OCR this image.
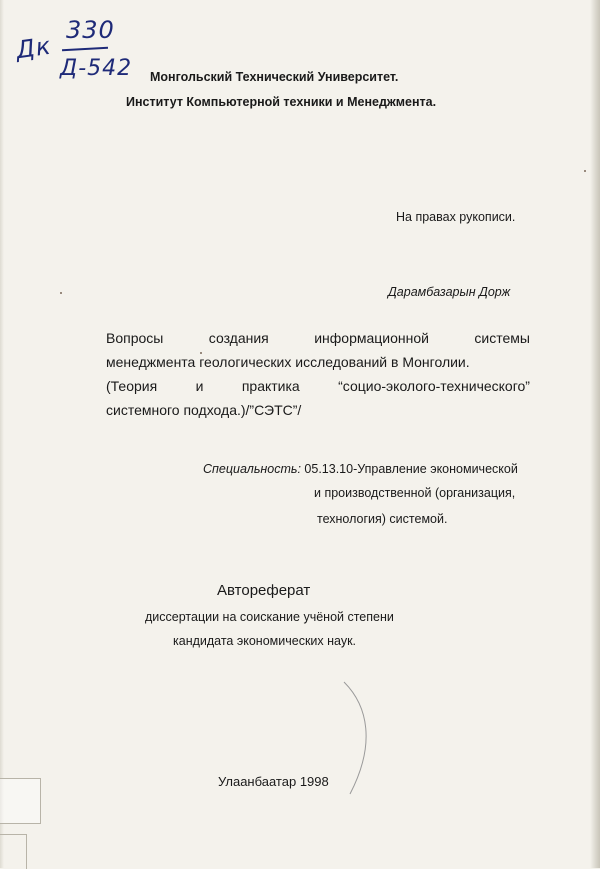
Дк
330
Д-542 Монгольский Технический Университет.
Институт Компьютерной техники и Менеджмента.
На правах рукописи.
Дарамбазарын Дорж
Вопросы	создания	информационной	системы
менеджмента геологических исследований в Монголии.
(Теория	и	практика	“социо-эколого-технического”
системного подхода.)/”СЭТС”/
Специальность: 05.13.10-Управление экономической
и производственной (организация,
технология) системой.
Автореферат
диссертации на соискание учёной степени
кандидата экономических наук.
Улаанбаатар 1998
